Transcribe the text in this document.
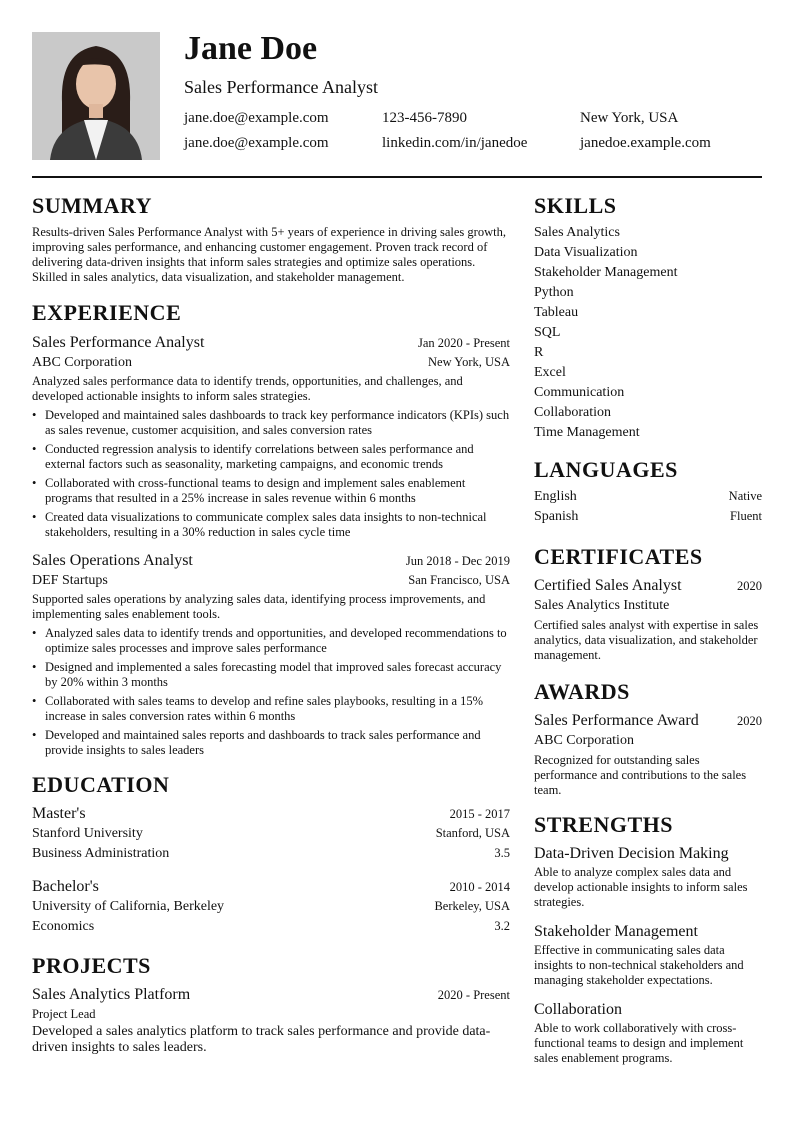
Jane Doe
Sales Performance Analyst
jane.doe@example.com	123-456-7890	New York, USA
jane.doe@example.com	linkedin.com/in/janedoe	janedoe.example.com
SUMMARY
Results-driven Sales Performance Analyst with 5+ years of experience in driving sales growth, improving sales performance, and enhancing customer engagement. Proven track record of delivering data-driven insights that inform sales strategies and optimize sales operations. Skilled in sales analytics, data visualization, and stakeholder management.
EXPERIENCE
Sales Performance Analyst	Jan 2020 - Present
ABC Corporation	New York, USA
Analyzed sales performance data to identify trends, opportunities, and challenges, and developed actionable insights to inform sales strategies.
• Developed and maintained sales dashboards to track key performance indicators (KPIs) such as sales revenue, customer acquisition, and sales conversion rates
• Conducted regression analysis to identify correlations between sales performance and external factors such as seasonality, marketing campaigns, and economic trends
• Collaborated with cross-functional teams to design and implement sales enablement programs that resulted in a 25% increase in sales revenue within 6 months
• Created data visualizations to communicate complex sales data insights to non-technical stakeholders, resulting in a 30% reduction in sales cycle time
Sales Operations Analyst	Jun 2018 - Dec 2019
DEF Startups	San Francisco, USA
Supported sales operations by analyzing sales data, identifying process improvements, and implementing sales enablement tools.
• Analyzed sales data to identify trends and opportunities, and developed recommendations to optimize sales processes and improve sales performance
• Designed and implemented a sales forecasting model that improved sales forecast accuracy by 20% within 3 months
• Collaborated with sales teams to develop and refine sales playbooks, resulting in a 15% increase in sales conversion rates within 6 months
• Developed and maintained sales reports and dashboards to track sales performance and provide insights to sales leaders
EDUCATION
Master's	2015 - 2017
Stanford University	Stanford, USA
Business Administration	3.5
Bachelor's	2010 - 2014
University of California, Berkeley	Berkeley, USA
Economics	3.2
PROJECTS
Sales Analytics Platform	2020 - Present
Project Lead
Developed a sales analytics platform to track sales performance and provide data-driven insights to sales leaders.
SKILLS
Sales Analytics
Data Visualization
Stakeholder Management
Python
Tableau
SQL
R
Excel
Communication
Collaboration
Time Management
LANGUAGES
English	Native
Spanish	Fluent
CERTIFICATES
Certified Sales Analyst	2020
Sales Analytics Institute
Certified sales analyst with expertise in sales analytics, data visualization, and stakeholder management.
AWARDS
Sales Performance Award	2020
ABC Corporation
Recognized for outstanding sales performance and contributions to the sales team.
STRENGTHS
Data-Driven Decision Making
Able to analyze complex sales data and develop actionable insights to inform sales strategies.
Stakeholder Management
Effective in communicating sales data insights to non-technical stakeholders and managing stakeholder expectations.
Collaboration
Able to work collaboratively with cross-functional teams to design and implement sales enablement programs.
